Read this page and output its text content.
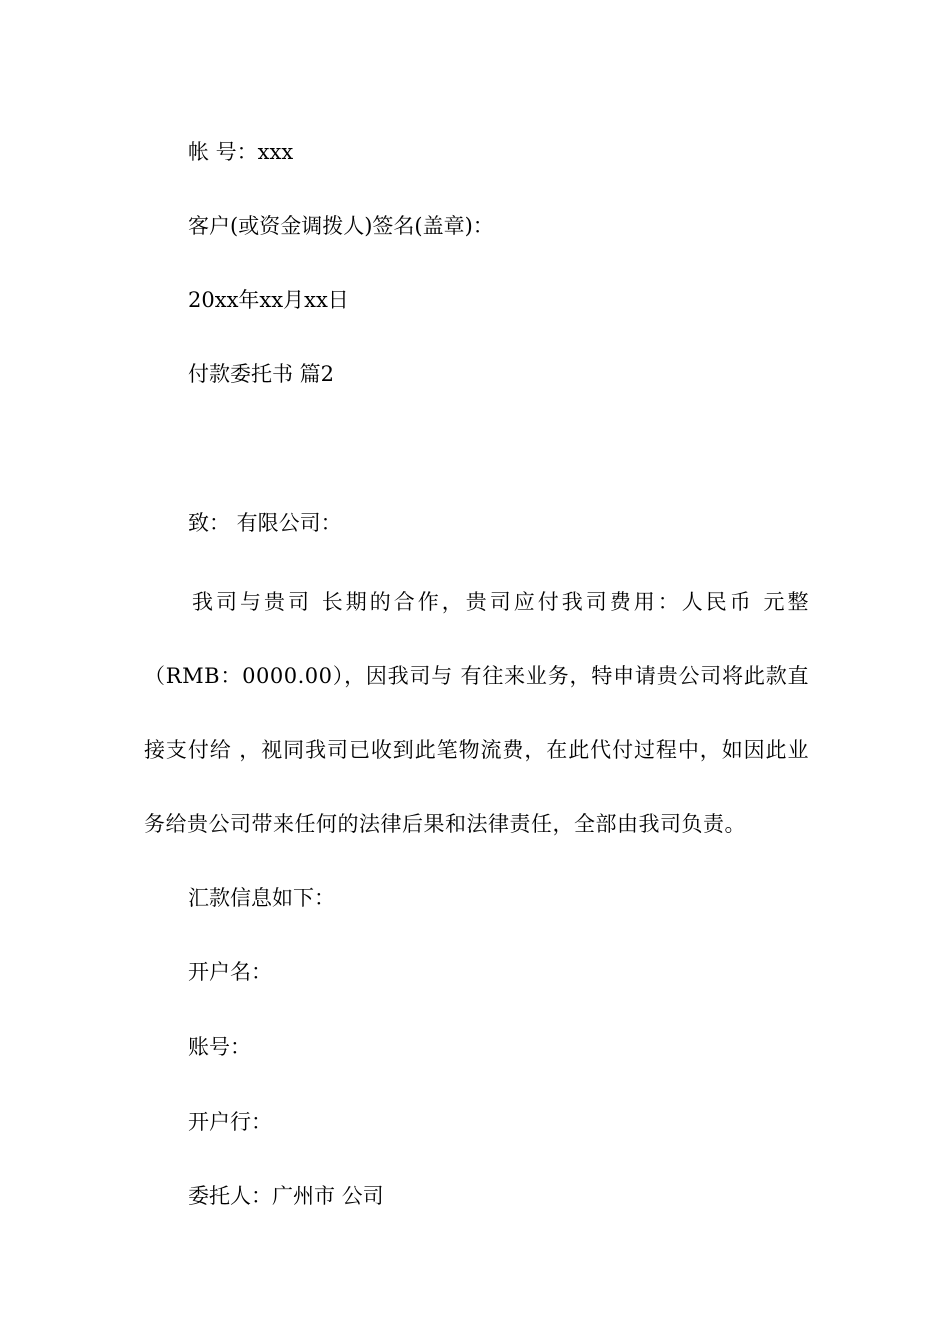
帐 号：xxx
客户(或资金调拨人)签名(盖章)：
20xx年xx月xx日
付款委托书 篇2
致： 有限公司：
我司与贵司 长期的合作，贵司应付我司费用：人民币 元整（RMB：0000.00），因我司与 有往来业务，特申请贵公司将此款直接支付给 ，视同我司已收到此笔物流费，在此代付过程中，如因此业务给贵公司带来任何的法律后果和法律责任，全部由我司负责。
汇款信息如下：
开户名：
账号：
开户行：
委托人：广州市 公司
